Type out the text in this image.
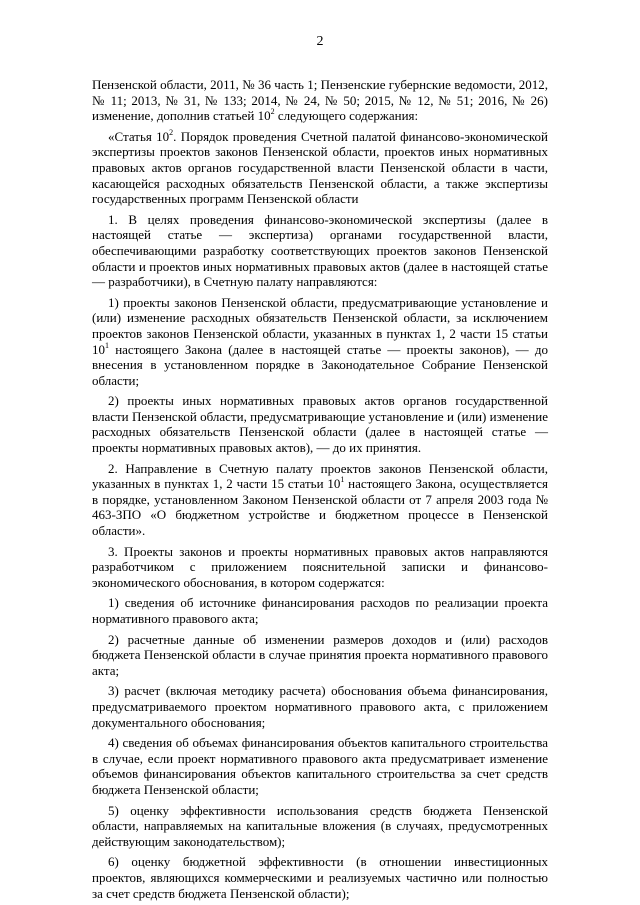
2

Пензенской области, 2011, № 36 часть 1; Пензенские губернские ведомости, 2012, № 11; 2013, № 31, № 133; 2014, № 24, № 50; 2015, № 12, № 51; 2016, № 26) изменение, дополнив статьей $10^2$ следующего содержания:

«Статья $10^2$. Порядок проведения Счетной палатой финансово-экономической экспертизы проектов законов Пензенской области, проектов иных нормативных правовых актов органов государственной власти Пензенской области в части, касающейся расходных обязательств Пензенской области, а также экспертизы государственных программ Пензенской области

1. В целях проведения финансово-экономической экспертизы (далее в настоящей статье — экспертиза) органами государственной власти, обеспечивающими разработку соответствующих проектов законов Пензенской области и проектов иных нормативных правовых актов (далее в настоящей статье — разработчики), в Счетную палату направляются:

1) проекты законов Пензенской области, предусматривающие установление и (или) изменение расходных обязательств Пензенской области, за исключением проектов законов Пензенской области, указанных в пунктах 1, 2 части 15 статьи $10^1$ настоящего Закона (далее в настоящей статье — проекты законов), — до внесения в установленном порядке в Законодательное Собрание Пензенской области;

2) проекты иных нормативных правовых актов органов государственной власти Пензенской области, предусматривающие установление и (или) изменение расходных обязательств Пензенской области (далее в настоящей статье — проекты нормативных правовых актов), — до их принятия.

2. Направление в Счетную палату проектов законов Пензенской области, указанных в пунктах 1, 2 части 15 статьи $10^1$ настоящего Закона, осуществляется в порядке, установленном Законом Пензенской области от 7 апреля 2003 года № 463-ЗПО «О бюджетном устройстве и бюджетном процессе в Пензенской области».

3. Проекты законов и проекты нормативных правовых актов направляются разработчиком с приложением пояснительной записки и финансово-экономического обоснования, в котором содержатся:

1) сведения об источнике финансирования расходов по реализации проекта нормативного правового акта;

2) расчетные данные об изменении размеров доходов и (или) расходов бюджета Пензенской области в случае принятия проекта нормативного правового акта;

3) расчет (включая методику расчета) обоснования объема финансирования, предусматриваемого проектом нормативного правового акта, с приложением документального обоснования;

4) сведения об объемах финансирования объектов капитального строительства в случае, если проект нормативного правового акта предусматривает изменение объемов финансирования объектов капитального строительства за счет средств бюджета Пензенской области;

5) оценку эффективности использования средств бюджета Пензенской области, направляемых на капитальные вложения (в случаях, предусмотренных действующим законодательством);

6) оценку бюджетной эффективности (в отношении инвестиционных проектов, являющихся коммерческими и реализуемых частично или полностью за счет средств бюджета Пензенской области);
